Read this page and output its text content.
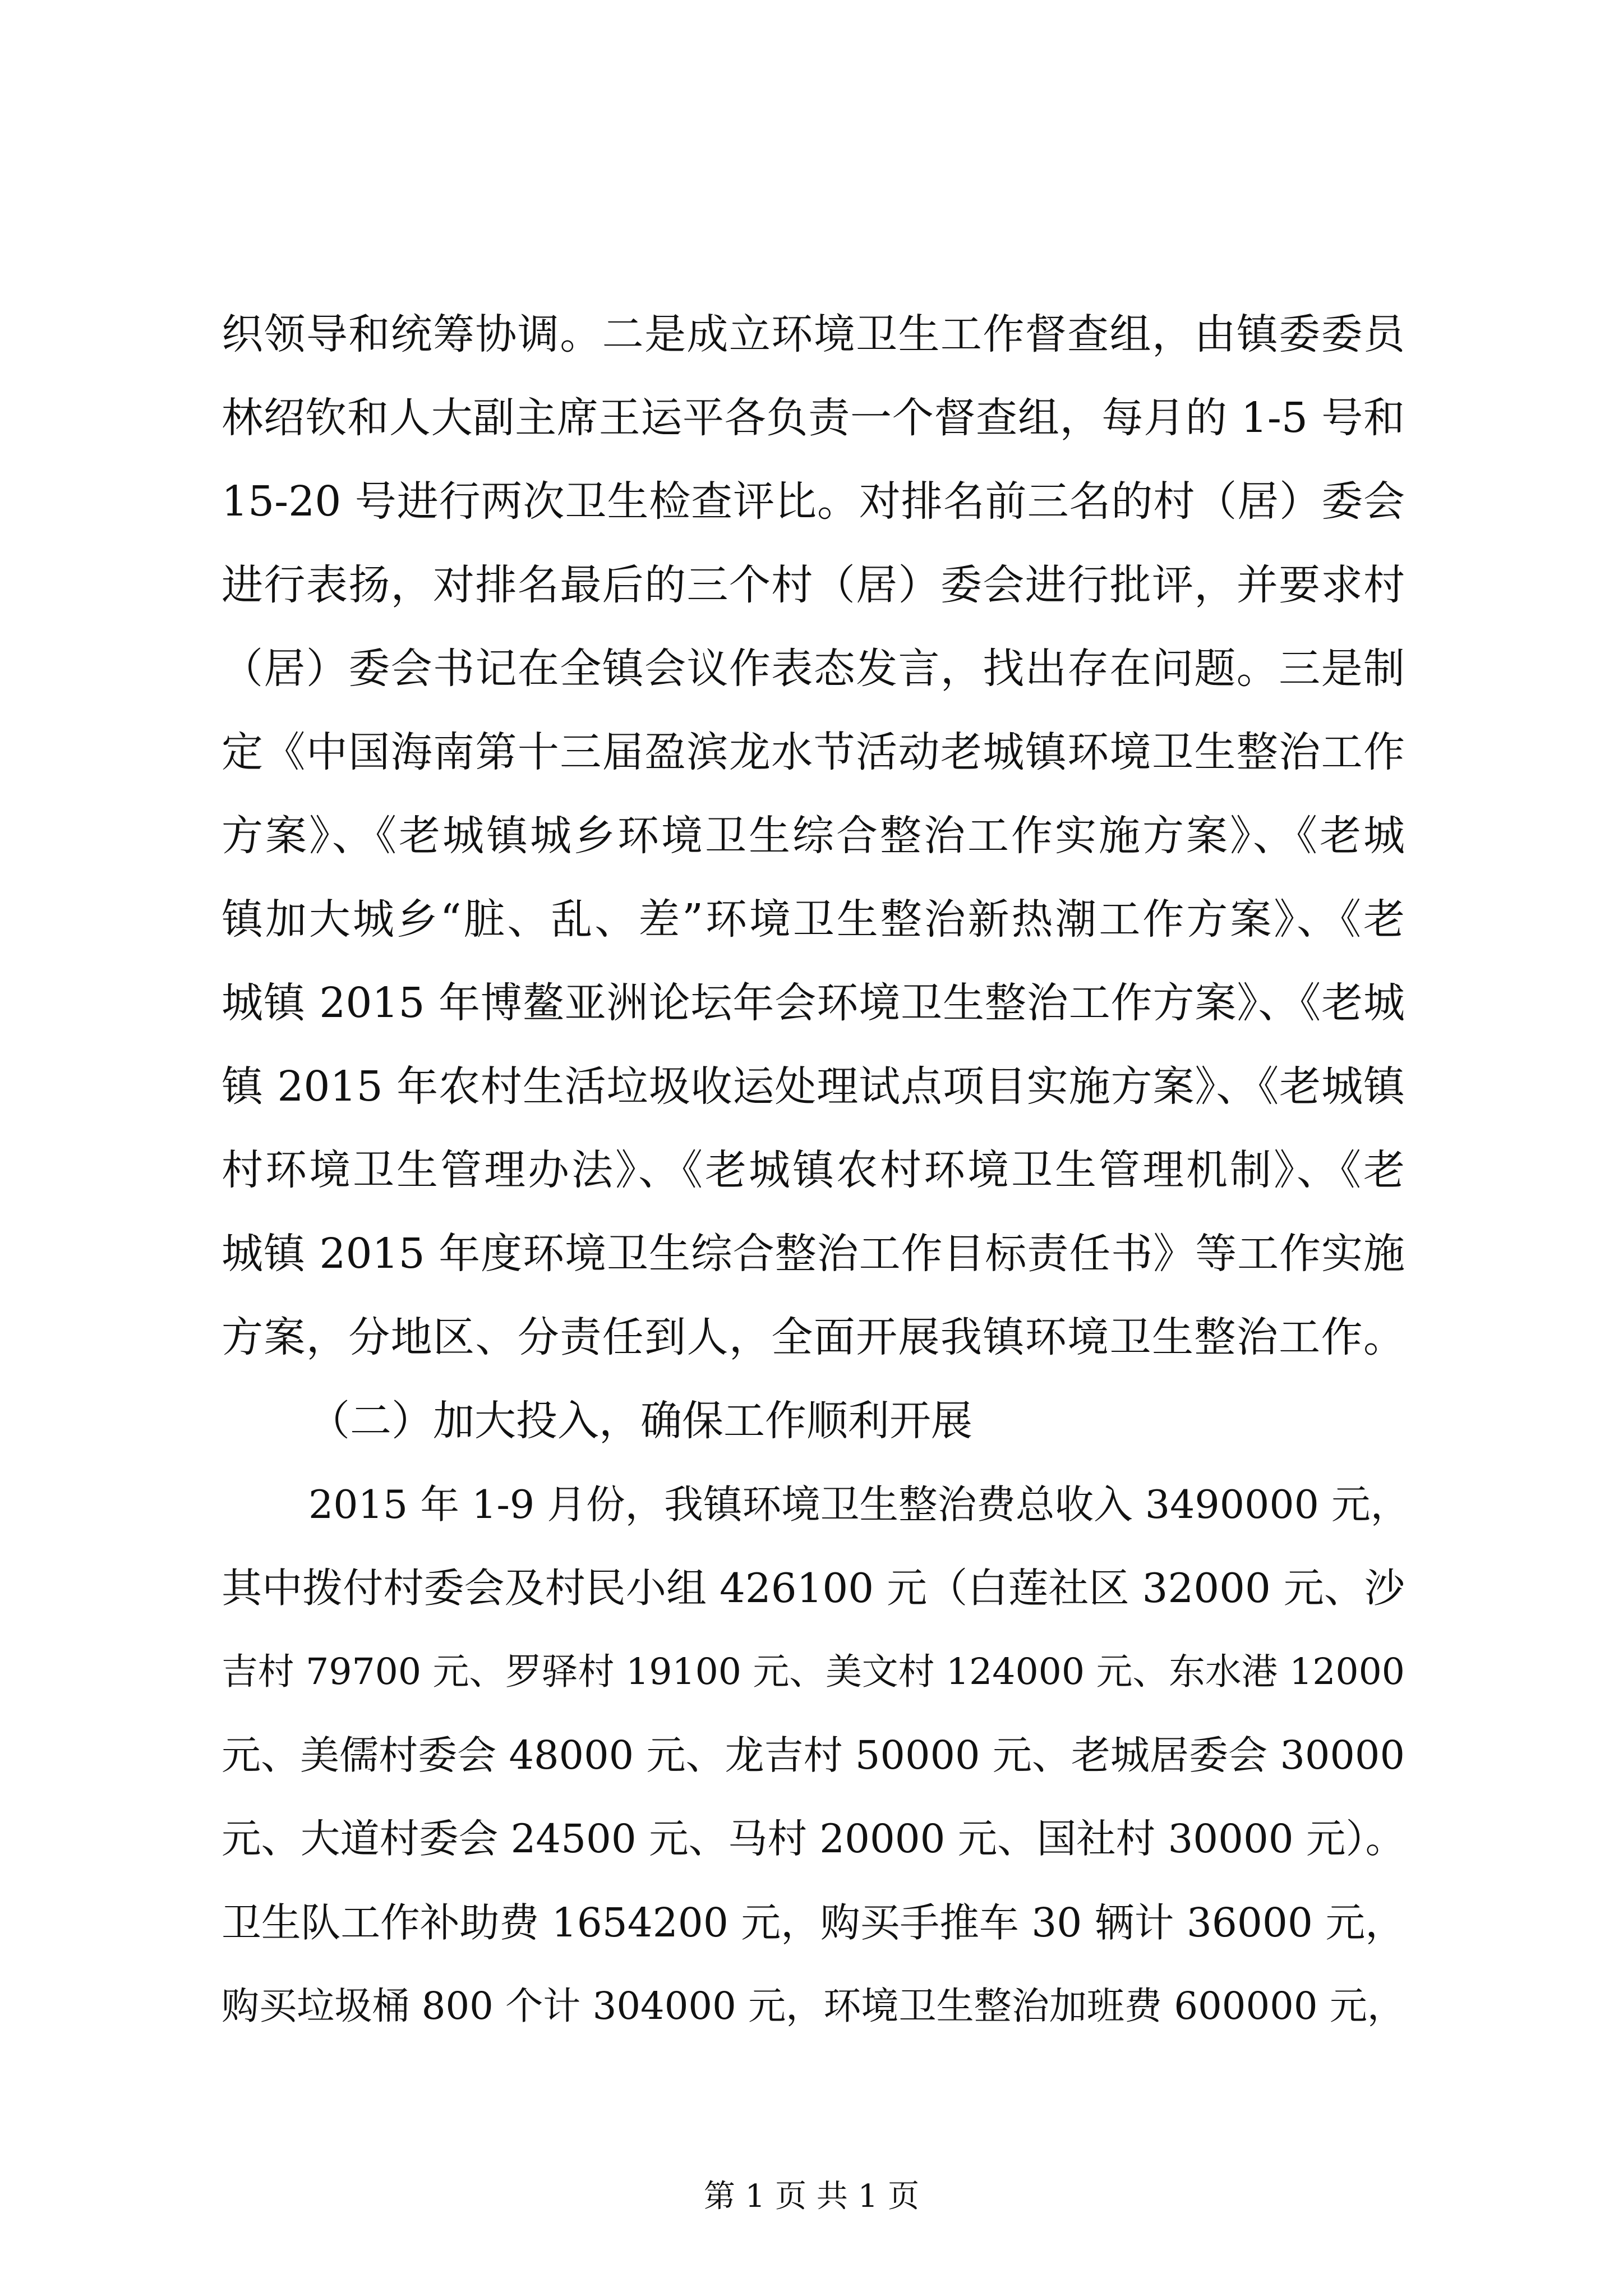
织领导和统筹协调。二是成立环境卫生工作督查组，由镇委委员
林绍钦和人大副主席王运平各负责一个督查组，每月的 1-5 号和
15-20 号进行两次卫生检查评比。对排名前三名的村（居）委会
进行表扬，对排名最后的三个村（居）委会进行批评，并要求村
（居）委会书记在全镇会议作表态发言，找出存在问题。三是制
定《中国海南第十三届盈滨龙水节活动老城镇环境卫生整治工作
方案》、《老城镇城乡环境卫生综合整治工作实施方案》、《老城
镇加大城乡“脏、乱、差”环境卫生整治新热潮工作方案》、《老
城镇 2015 年博鳌亚洲论坛年会环境卫生整治工作方案》、《老城
镇 2015 年农村生活垃圾收运处理试点项目实施方案》、《老城镇
村环境卫生管理办法》、《老城镇农村环境卫生管理机制》、《老
城镇 2015 年度环境卫生综合整治工作目标责任书》等工作实施
方案，分地区、分责任到人，全面开展我镇环境卫生整治工作。
（二）加大投入，确保工作顺利开展
2015 年 1-9 月份，我镇环境卫生整治费总收入 3490000 元，
其中拨付村委会及村民小组 426100 元（白莲社区 32000 元、沙
吉村 79700 元、罗驿村 19100 元、美文村 124000 元、东水港 12000
元、美儒村委会 48000 元、龙吉村 50000 元、老城居委会 30000
元、大道村委会 24500 元、马村 20000 元、国社村 30000 元）。
卫生队工作补助费 1654200 元，购买手推车 30 辆计 36000 元，
购买垃圾桶 800 个计 304000 元，环境卫生整治加班费 600000 元，
第 1 页 共 1 页
